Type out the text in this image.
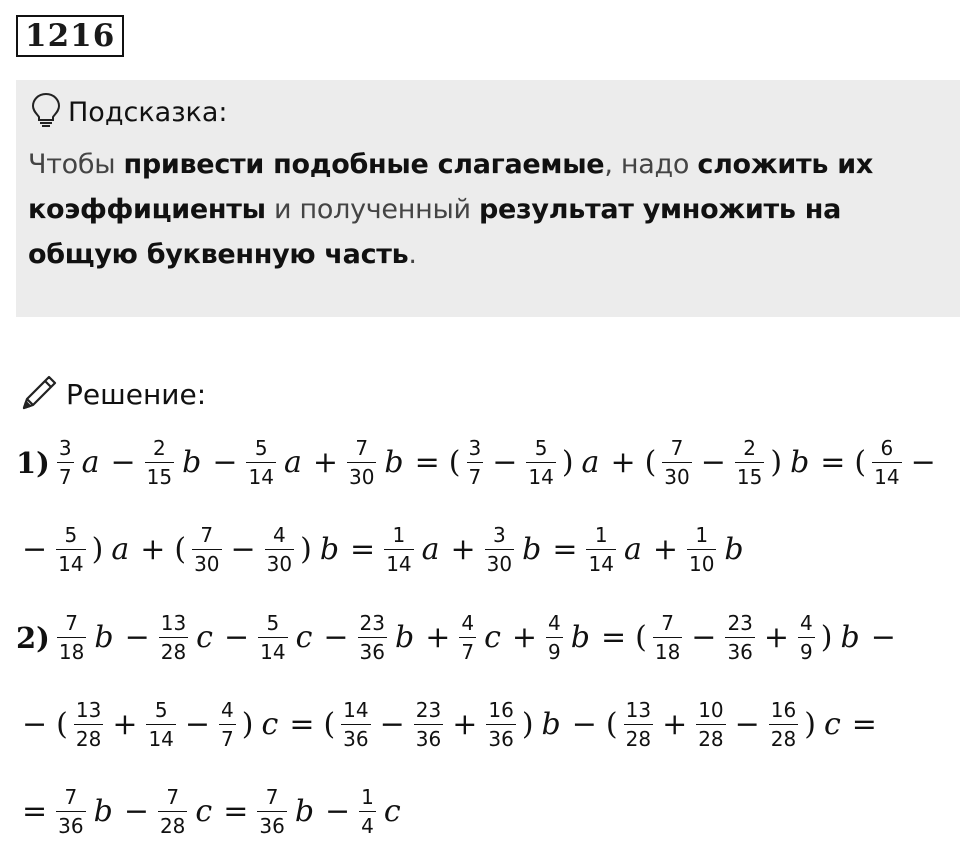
1216
Подсказка:
Чтобы привести подобные слагаемые, надо сложить их коэффициенты и полученный результат умножить на общую буквенную часть.
Решение:
$1) \frac{3}{7}$ $a - \frac{2}{15}$ $b - \frac{5}{14}$ $a + \frac{7}{30}$ b = ( $\frac{3}{7} - \frac{5}{14}$ ) a + ( $\frac{7}{30} - \frac{2}{15}$ ) b = ( $\frac{6}{14}$ −
− $\frac{5}{14}$ ) a + ( $\frac{7}{30} - \frac{4}{30}$ ) $b = \frac{1}{14}$ $a + \frac{3}{30}$ $b = \frac{1}{14}$ $a + \frac{1}{10}$ b
$2) \frac{7}{18}$ $b - \frac{13}{28}$ $c - \frac{5}{14}$ $c - \frac{23}{36}$ $b + \frac{4}{7}$ $c + \frac{4}{9}$ b = ( $\frac{7}{18} - \frac{23}{36} + \frac{4}{9}$ ) b −
− ( $\frac{13}{28} + \frac{5}{14} - \frac{4}{7}$ ) c = ( $\frac{14}{36} - \frac{23}{36} + \frac{16}{36}$ ) b − ( $\frac{13}{28} + \frac{10}{28} - \frac{16}{28}$ ) c =
= $\frac{7}{36}$ $b - \frac{7}{28}$ $c = \frac{7}{36}$ $b - \frac{1}{4}$ c
